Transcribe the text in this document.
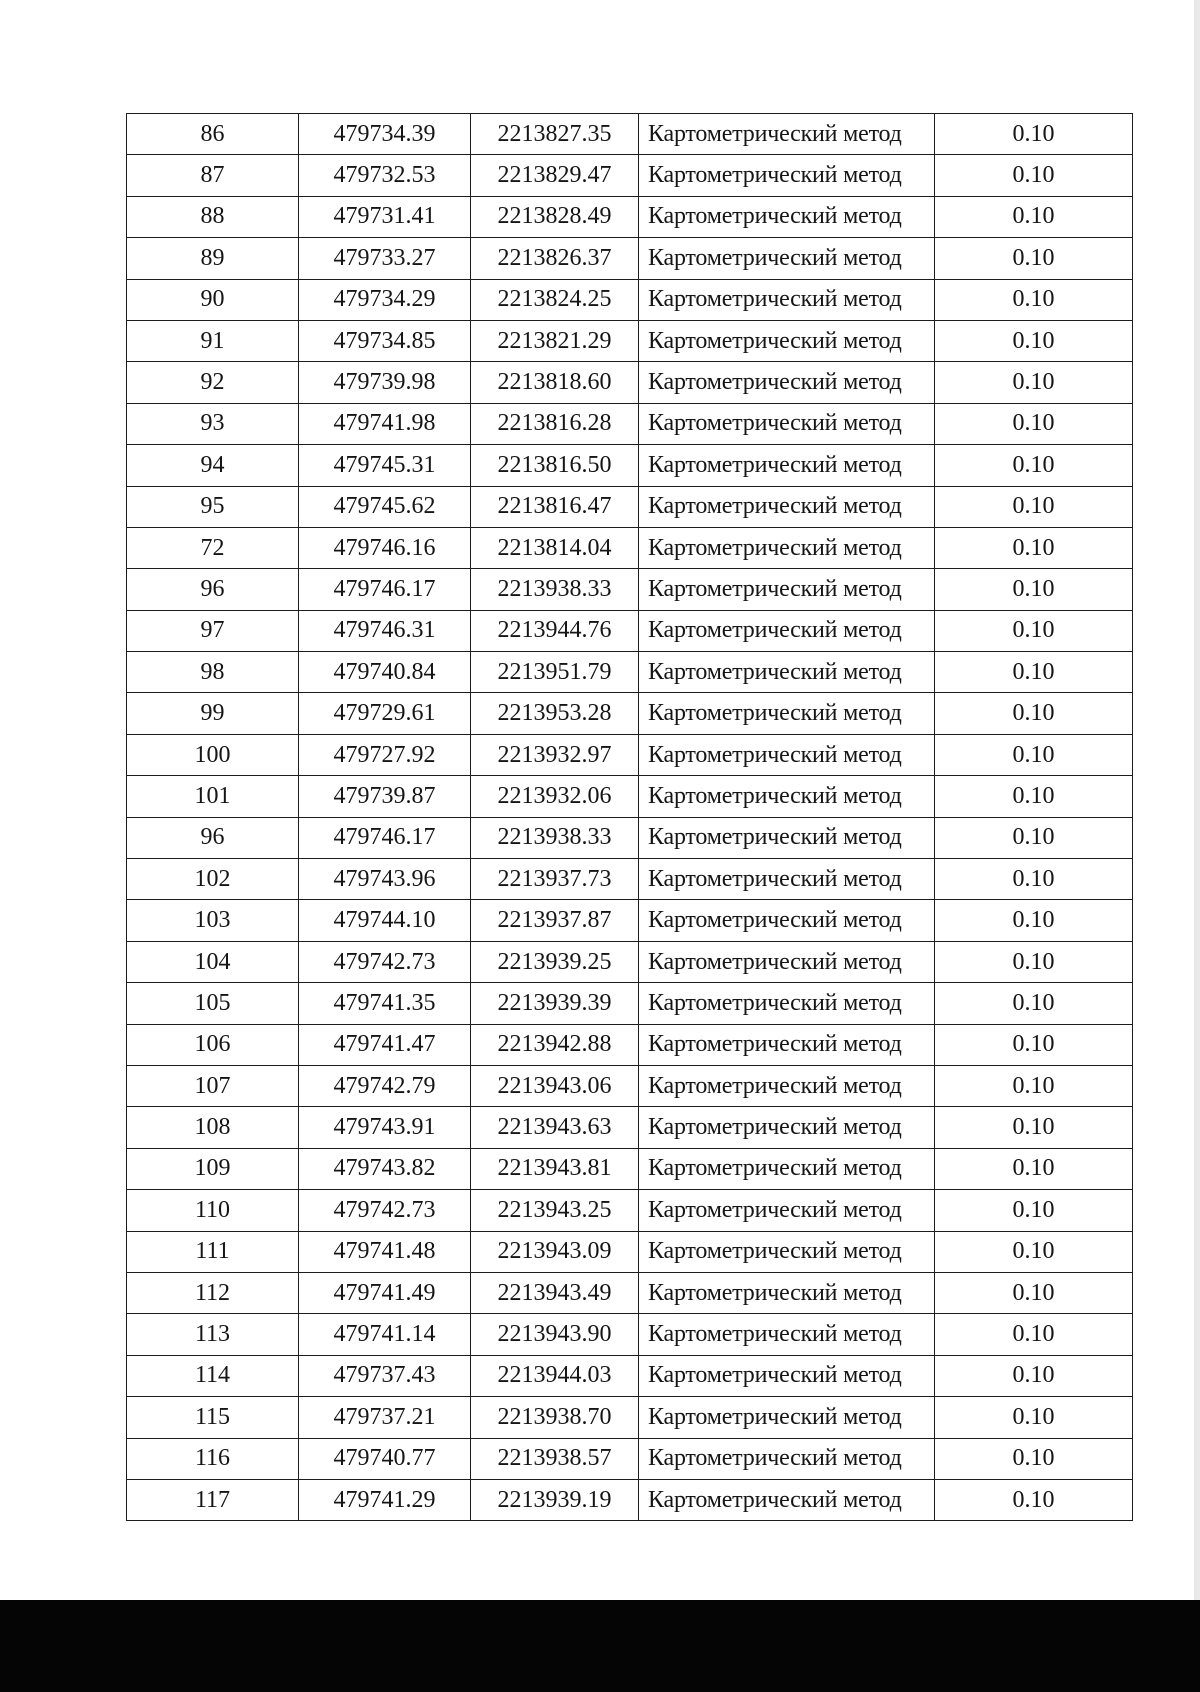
86	479734.39	2213827.35	Картометрический метод	0.10
87	479732.53	2213829.47	Картометрический метод	0.10
88	479731.41	2213828.49	Картометрический метод	0.10
89	479733.27	2213826.37	Картометрический метод	0.10
90	479734.29	2213824.25	Картометрический метод	0.10
91	479734.85	2213821.29	Картометрический метод	0.10
92	479739.98	2213818.60	Картометрический метод	0.10
93	479741.98	2213816.28	Картометрический метод	0.10
94	479745.31	2213816.50	Картометрический метод	0.10
95	479745.62	2213816.47	Картометрический метод	0.10
72	479746.16	2213814.04	Картометрический метод	0.10
96	479746.17	2213938.33	Картометрический метод	0.10
97	479746.31	2213944.76	Картометрический метод	0.10
98	479740.84	2213951.79	Картометрический метод	0.10
99	479729.61	2213953.28	Картометрический метод	0.10
100	479727.92	2213932.97	Картометрический метод	0.10
101	479739.87	2213932.06	Картометрический метод	0.10
96	479746.17	2213938.33	Картометрический метод	0.10
102	479743.96	2213937.73	Картометрический метод	0.10
103	479744.10	2213937.87	Картометрический метод	0.10
104	479742.73	2213939.25	Картометрический метод	0.10
105	479741.35	2213939.39	Картометрический метод	0.10
106	479741.47	2213942.88	Картометрический метод	0.10
107	479742.79	2213943.06	Картометрический метод	0.10
108	479743.91	2213943.63	Картометрический метод	0.10
109	479743.82	2213943.81	Картометрический метод	0.10
110	479742.73	2213943.25	Картометрический метод	0.10
111	479741.48	2213943.09	Картометрический метод	0.10
112	479741.49	2213943.49	Картометрический метод	0.10
113	479741.14	2213943.90	Картометрический метод	0.10
114	479737.43	2213944.03	Картометрический метод	0.10
115	479737.21	2213938.70	Картометрический метод	0.10
116	479740.77	2213938.57	Картометрический метод	0.10
117	479741.29	2213939.19	Картометрический метод	0.10
